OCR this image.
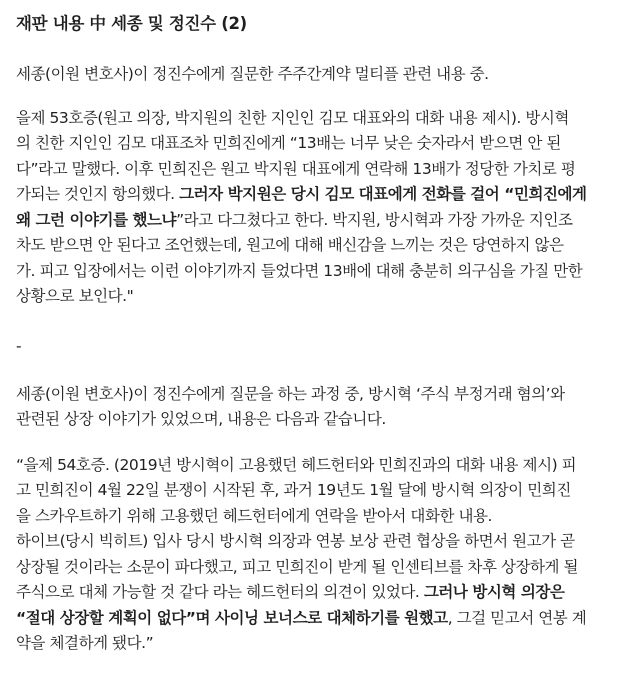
재판 내용 中 세종 및 정진수 (2)

세종(이원 변호사)이 정진수에게 질문한 주주간계약 멀티플 관련 내용 중.

을제 53호증(원고 의장, 박지원의 친한 지인인 김모 대표와의 대화 내용 제시). 방시혁
의 친한 지인인 김모 대표조차 민희진에게 “13배는 너무 낮은 숫자라서 받으면 안 된
다”라고 말했다. 이후 민희진은 원고 박지원 대표에게 연락해 13배가 정당한 가치로 평
가되는 것인지 항의했다. 그러자 박지원은 당시 김모 대표에게 전화를 걸어 “민희진에게
왜 그런 이야기를 했느냐”라고 다그쳤다고 한다. 박지원, 방시혁과 가장 가까운 지인조
차도 받으면 안 된다고 조언했는데, 원고에 대해 배신감을 느끼는 것은 당연하지 않은
가. 피고 입장에서는 이런 이야기까지 들었다면 13배에 대해 충분히 의구심을 가질 만한
상황으로 보인다."

-

세종(이원 변호사)이 정진수에게 질문을 하는 과정 중, 방시혁 ‘주식 부정거래 혐의’와
관련된 상장 이야기가 있었으며, 내용은 다음과 같습니다.

“을제 54호증. (2019년 방시혁이 고용했던 헤드헌터와 민희진과의 대화 내용 제시) 피
고 민희진이 4월 22일 분쟁이 시작된 후, 과거 19년도 1월 달에 방시혁 의장이 민희진
을 스카우트하기 위해 고용했던 헤드헌터에게 연락을 받아서 대화한 내용.
하이브(당시 빅히트) 입사 당시 방시혁 의장과 연봉 보상 관련 협상을 하면서 원고가 곧
상장될 것이라는 소문이 파다했고, 피고 민희진이 받게 될 인센티브를 차후 상장하게 될
주식으로 대체 가능할 것 같다 라는 헤드헌터의 의견이 있었다. 그러나 방시혁 의장은
“절대 상장할 계획이 없다”며 사이닝 보너스로 대체하기를 원했고, 그걸 믿고서 연봉 계
약을 체결하게 됐다.”
